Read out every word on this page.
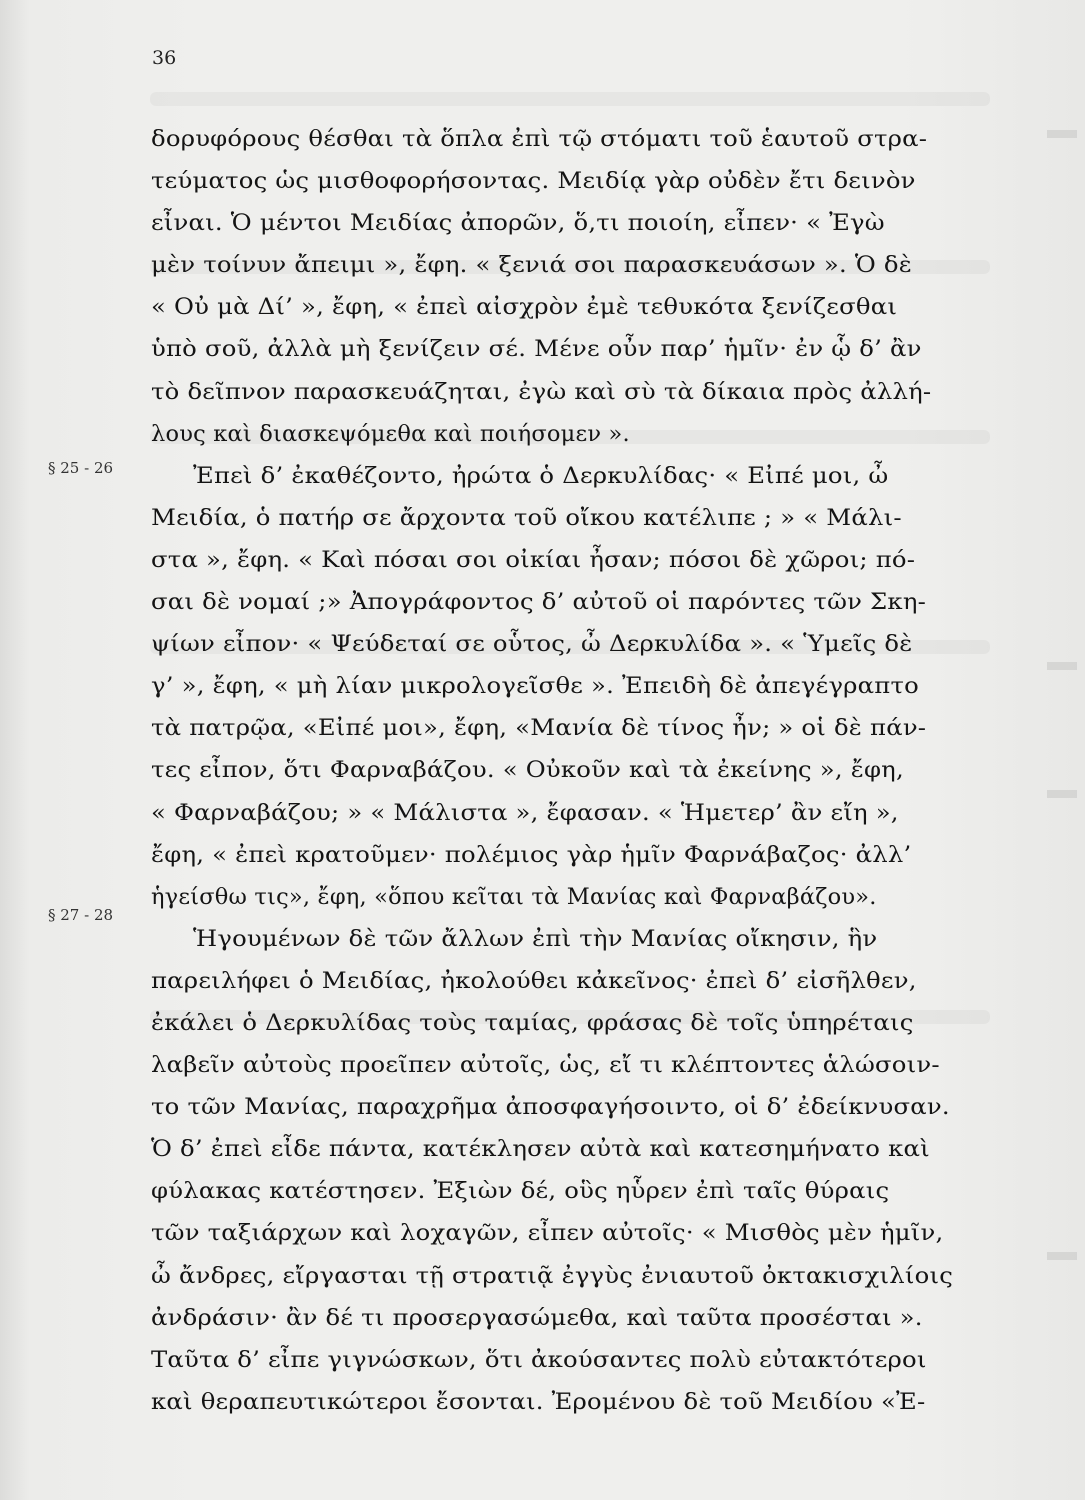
36
§ 25 - 26
§ 27 - 28
δορυφόρους θέσθαι τὰ ὅπλα ἐπὶ τῷ στόματι τοῦ ἑαυτοῦ στρα-
τεύματος ὡς μισθοφορήσοντας. Μειδίᾳ γὰρ οὐδὲν ἔτι δεινὸν
εἶναι. Ὁ μέντοι Μειδίας ἀπορῶν, ὅ,τι ποιοίη, εἶπεν· « Ἐγὼ
μὲν τοίνυν ἄπειμι », ἔφη. « ξενιά σοι παρασκευάσων ». Ὁ δὲ
« Οὐ μὰ Δί’ », ἔφη, « ἐπεὶ αἰσχρὸν ἐμὲ τεθυκότα ξενίζεσθαι
ὑπὸ σοῦ, ἀλλὰ μὴ ξενίζειν σέ. Μένε οὖν παρ’ ἡμῖν· ἐν ᾧ δ’ ἂν
τὸ δεῖπνον παρασκευάζηται, ἐγὼ καὶ σὺ τὰ δίκαια πρὸς ἀλλή-
λους καὶ διασκεψόμεθα καὶ ποιήσομεν ».
Ἐπεὶ δ’ ἐκαθέζοντο, ἠρώτα ὁ Δερκυλίδας· « Εἰπέ μοι, ὦ
Μειδία, ὁ πατήρ σε ἄρχοντα τοῦ οἴκου κατέλιπε ; » « Μάλι-
στα », ἔφη. « Καὶ πόσαι σοι οἰκίαι ἦσαν; πόσοι δὲ χῶροι; πό-
σαι δὲ νομαί ;» Ἀπογράφοντος δ’ αὐτοῦ οἱ παρόντες τῶν Σκη-
ψίων εἶπον· « Ψεύδεταί σε οὗτος, ὦ Δερκυλίδα ». « Ὑμεῖς δὲ
γ’ », ἔφη, « μὴ λίαν μικρολογεῖσθε ». Ἐπειδὴ δὲ ἀπεγέγραπτο
τὰ πατρῷα, «Εἰπέ μοι», ἔφη, «Μανία δὲ τίνος ἦν; » οἱ δὲ πάν-
τες εἶπον, ὅτι Φαρναβάζου. « Οὐκοῦν καὶ τὰ ἐκείνης », ἔφη,
« Φαρναβάζου; » « Μάλιστα », ἔφασαν. « Ἡμετερ’ ἂν εἴη »,
ἔφη, « ἐπεὶ κρατοῦμεν· πολέμιος γὰρ ἡμῖν Φαρνάβαζος· ἀλλ’
ἡγείσθω τις», ἔφη, «ὅπου κεῖται τὰ Μανίας καὶ Φαρναβάζου».
Ἡγουμένων δὲ τῶν ἄλλων ἐπὶ τὴν Μανίας οἴκησιν, ἣν
παρειλήφει ὁ Μειδίας, ἠκολούθει κἀκεῖνος· ἐπεὶ δ’ εἰσῆλθεν,
ἐκάλει ὁ Δερκυλίδας τοὺς ταμίας, φράσας δὲ τοῖς ὑπηρέταις
λαβεῖν αὐτοὺς προεῖπεν αὐτοῖς, ὡς, εἴ τι κλέπτοντες ἁλώσοιν-
το τῶν Μανίας, παραχρῆμα ἀποσφαγήσοιντο, οἱ δ’ ἐδείκνυσαν.
Ὁ δ’ ἐπεὶ εἶδε πάντα, κατέκλησεν αὐτὰ καὶ κατεσημήνατο καὶ
φύλακας κατέστησεν. Ἐξιὼν δέ, οὓς ηὗρεν ἐπὶ ταῖς θύραις
τῶν ταξιάρχων καὶ λοχαγῶν, εἶπεν αὐτοῖς· « Μισθὸς μὲν ἡμῖν,
ὦ ἄνδρες, εἴργασται τῇ στρατιᾷ ἐγγὺς ἐνιαυτοῦ ὀκτακισχιλίοις
ἀνδράσιν· ἂν δέ τι προσεργασώμεθα, καὶ ταῦτα προσέσται ».
Ταῦτα δ’ εἶπε γιγνώσκων, ὅτι ἀκούσαντες πολὺ εὐτακτότεροι
καὶ θεραπευτικώτεροι ἔσονται. Ἐρομένου δὲ τοῦ Μειδίου «Ἐ-
